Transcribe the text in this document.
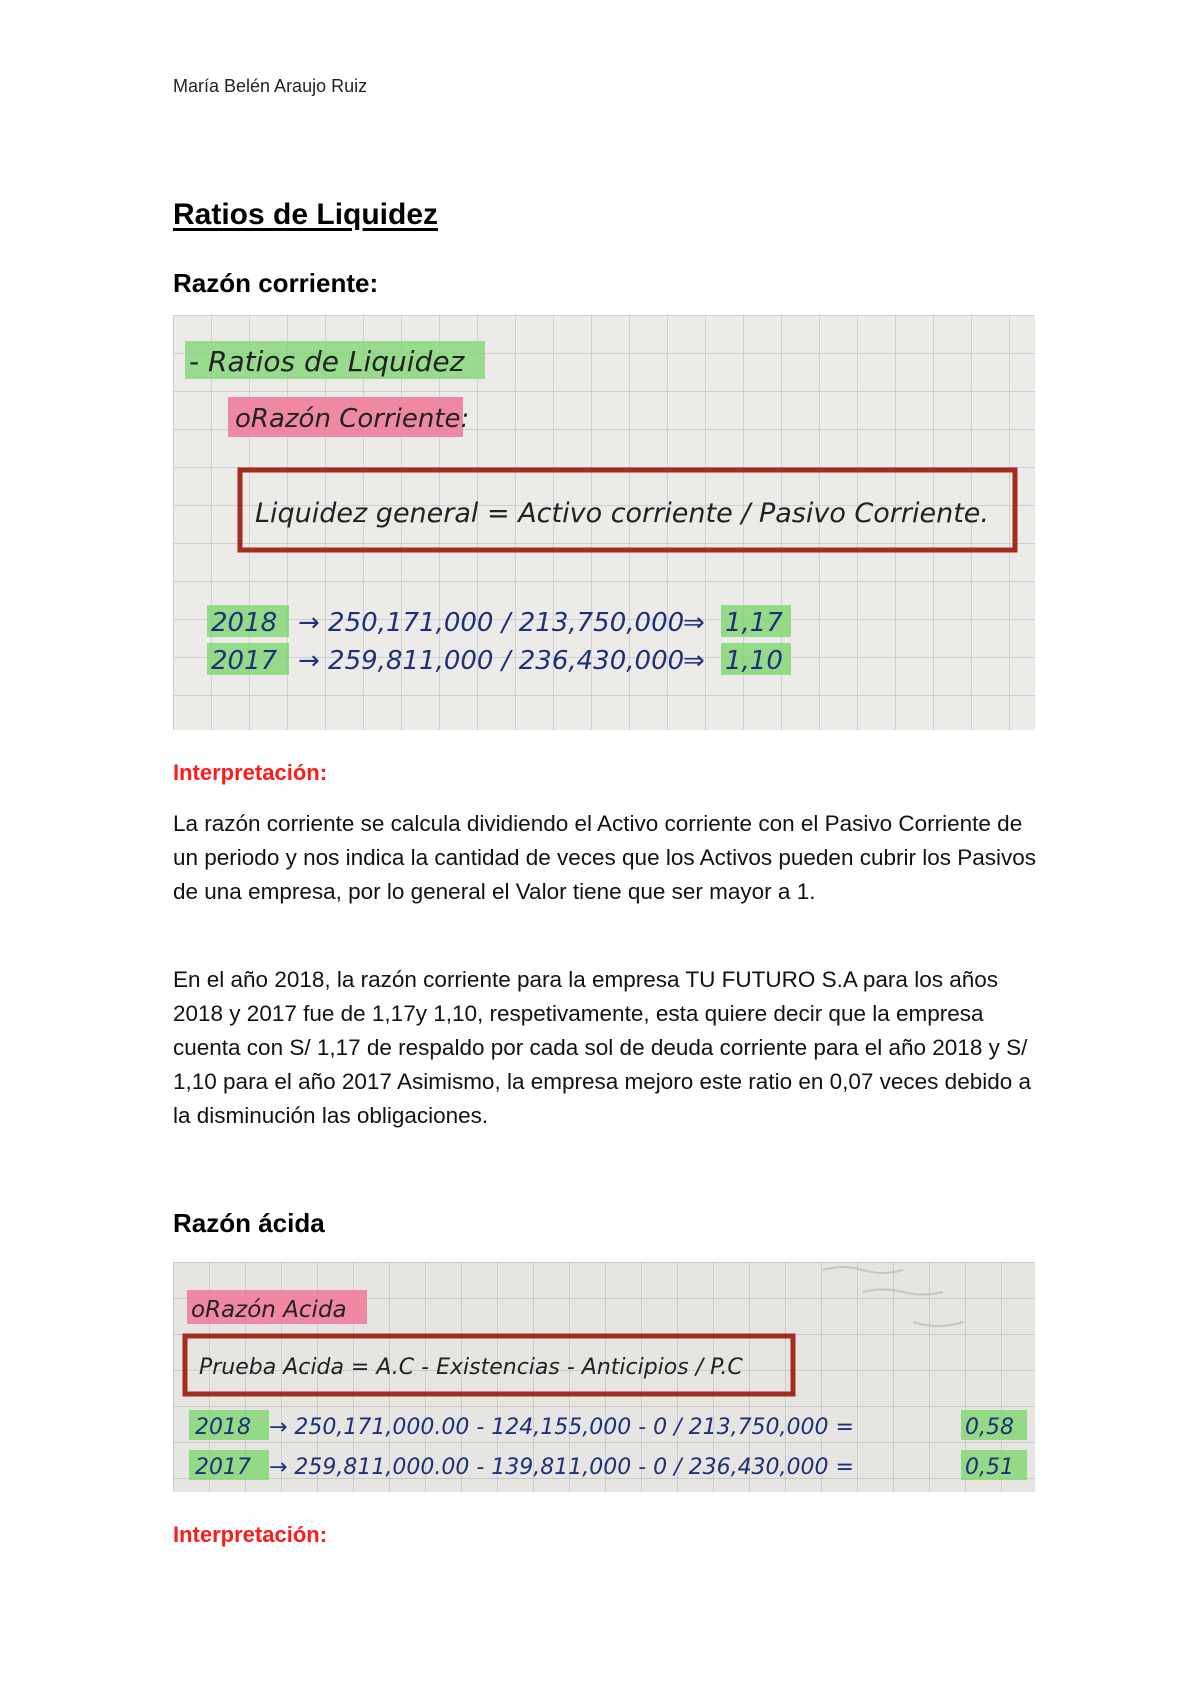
María Belén Araujo Ruiz
Ratios de Liquidez
Razón corriente:
- Ratios de Liquidez
oRazón Corriente:
Liquidez general = Activo corriente / Pasivo Corriente.
2018 → 250,171,000 / 213,750,000
⇒ 1,17
2017 → 259,811,000 / 236,430,000
⇒ 1,10
Interpretación:

La razón corriente se calcula dividiendo el Activo corriente con el Pasivo Corriente de un periodo y nos indica la cantidad de veces que los Activos pueden cubrir los Pasivos de una empresa, por lo general el Valor tiene que ser mayor a 1.

En el año 2018, la razón corriente para la empresa TU FUTURO S.A para los años 2018 y 2017 fue de 1,17y 1,10, respetivamente, esta quiere decir que la empresa cuenta con S/ 1,17 de respaldo por cada sol de deuda corriente para el año 2018 y S/ 1,10 para el año 2017 Asimismo, la empresa mejoro este ratio en 0,07 veces debido a la disminución las obligaciones.

Razón ácida
oRazón Acida
Prueba Acida = A.C - Existencias - Anticipios / P.C
2018 → 250,171,000.00 - 124,155,000 - 0 / 213,750,000 =	0,58
2017 → 259,811,000.00 - 139,811,000 - 0 / 236,430,000 =	0,51
Interpretación:
